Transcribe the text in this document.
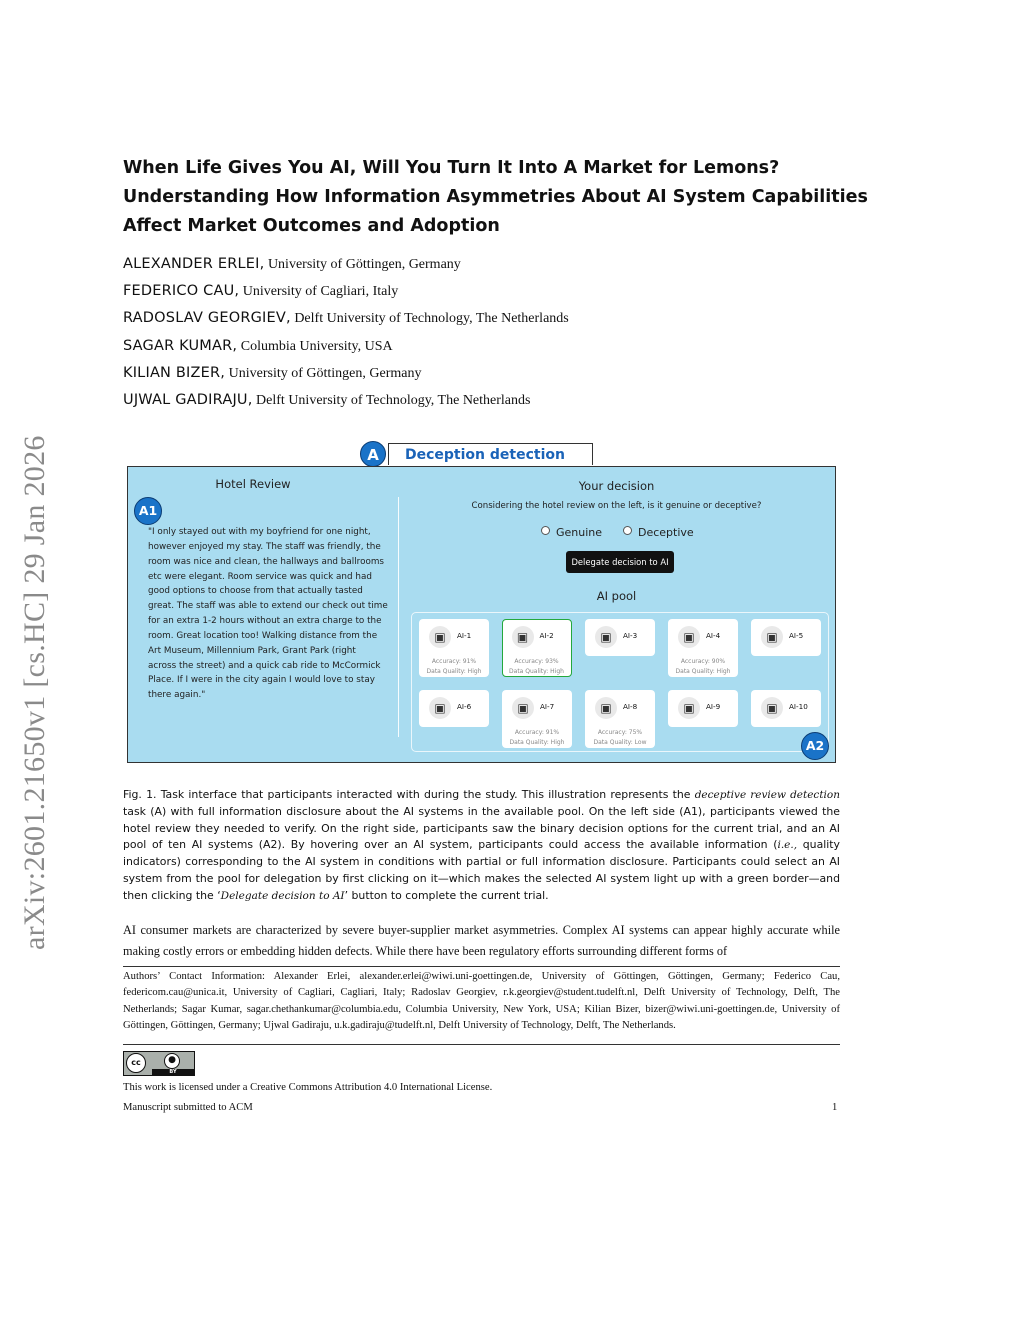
arXiv:2601.21650v1 [cs.HC] 29 Jan 2026
When Life Gives You AI, Will You Turn It Into A Market for Lemons?
Understanding How Information Asymmetries About AI System Capabilities
Affect Market Outcomes and Adoption
ALEXANDER ERLEI, University of Göttingen, Germany
FEDERICO CAU, University of Cagliari, Italy
RADOSLAV GEORGIEV, Delft University of Technology, The Netherlands
SAGAR KUMAR, Columbia University, USA
KILIAN BIZER, University of Göttingen, Germany
UJWAL GADIRAJU, Delft University of Technology, The Netherlands
A	Deception detection
Hotel Review
A1
"I only stayed out with my boyfriend for one night,
however enjoyed my stay. The staff was friendly, the
room was nice and clean, the hallways and ballrooms
etc were elegant. Room service was quick and had
good options to choose from that actually tasted
great. The staff was able to extend our check out time
for an extra 1-2 hours without an extra charge to the
room. Great location too! Walking distance from the
Art Museum, Millennium Park, Grant Park (right
across the street) and a quick cab ride to McCormick
Place. If I were in the city again I would love to stay
there again."
Your decision
Considering the hotel review on the left, is it genuine or deceptive?
Genuine	Deceptive
Delegate decision to AI
AI pool
▣	AI-1
Accuracy: 91%
Data Quality: High
▣	AI-2
Accuracy: 93%
Data Quality: High
▣	AI-3	▣	AI-4
Accuracy: 90%
Data Quality: High
▣	AI-5
▣	AI-6	▣	AI-7
Accuracy: 91%
Data Quality: High
▣	AI-8
Accuracy: 75%
Data Quality: Low
▣	AI-9	▣	AI-10
A2
Fig. 1. Task interface that participants interacted with during the study. This illustration represents the deceptive review detection task (A) with full information disclosure about the AI systems in the available pool. On the left side (A1), participants viewed the hotel review they needed to verify. On the right side, participants saw the binary decision options for the current trial, and an AI pool of ten AI systems (A2). By hovering over an AI system, participants could access the available information (i.e., quality indicators) corresponding to the AI system in conditions with partial or full information disclosure. Participants could select an AI system from the pool for delegation by first clicking on it—which makes the selected AI system light up with a green border—and then clicking the ‘Delegate decision to AI’ button to complete the current trial.
AI consumer markets are characterized by severe buyer-supplier market asymmetries. Complex AI systems can appear highly accurate while making costly errors or embedding hidden defects. While there have been regulatory efforts surrounding different forms of
Authors’ Contact Information: Alexander Erlei, alexander.erlei@wiwi.uni-goettingen.de, University of Göttingen, Göttingen, Germany; Federico Cau, federicom.cau@unica.it, University of Cagliari, Cagliari, Italy; Radoslav Georgiev, r.k.georgiev@student.tudelft.nl, Delft University of Technology, Delft, The Netherlands; Sagar Kumar, sagar.chethankumar@columbia.edu, Columbia University, New York, USA; Kilian Bizer, bizer@wiwi.uni-goettingen.de, University of Göttingen, Göttingen, Germany; Ujwal Gadiraju, u.k.gadiraju@tudelft.nl, Delft University of Technology, Delft, The Netherlands.
cc	●
BY
This work is licensed under a Creative Commons Attribution 4.0 International License.
Manuscript submitted to ACM	1
